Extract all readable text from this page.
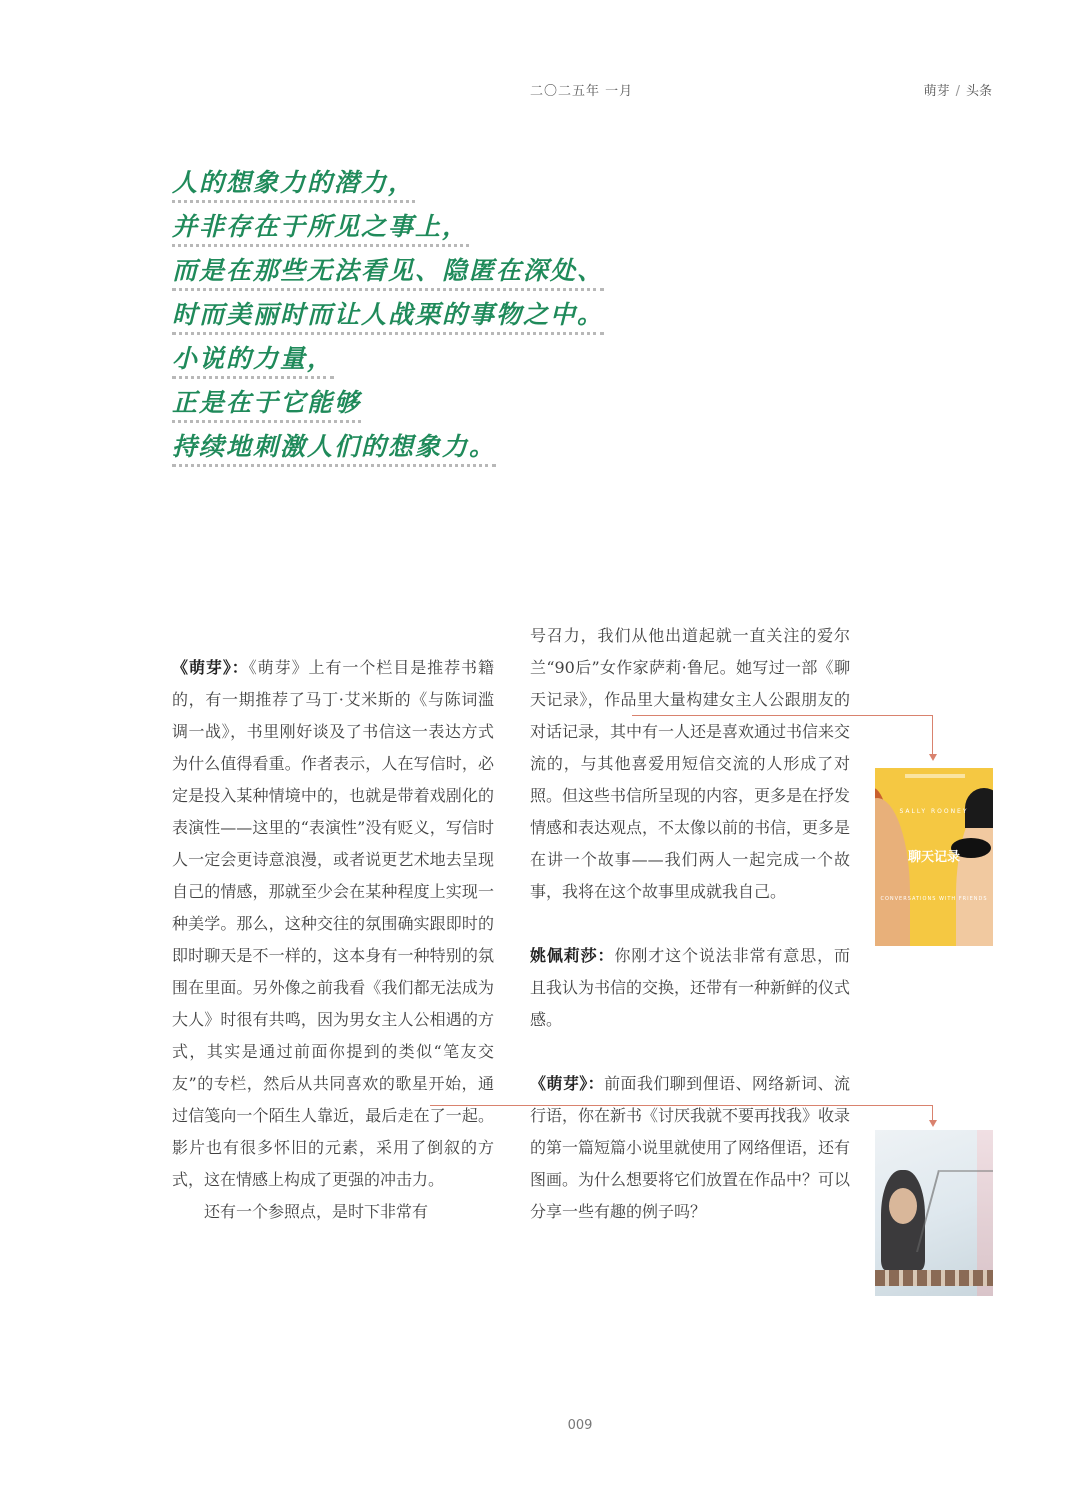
二〇二五年 一月	萌芽 / 头条
人的想象力的潜力，
并非存在于所见之事上，
而是在那些无法看见、隐匿在深处、
时而美丽时而让人战栗的事物之中。
小说的力量，
正是在于它能够
持续地刺激人们的想象力。

《萌芽》：《萌芽》上有一个栏目是推荐书籍的，有一期推荐了马丁·艾米斯的《与陈词滥调一战》，书里刚好谈及了书信这一表达方式为什么值得看重。作者表示，人在写信时，必定是投入某种情境中的，也就是带着戏剧化的表演性——这里的“表演性”没有贬义，写信时人一定会更诗意浪漫，或者说更艺术地去呈现自己的情感，那就至少会在某种程度上实现一种美学。那么，这种交往的氛围确实跟即时的即时聊天是不一样的，这本身有一种特别的氛围在里面。另外像之前我看《我们都无法成为大人》时很有共鸣，因为男女主人公相遇的方式，其实是通过前面你提到的类似“笔友交友”的专栏，然后从共同喜欢的歌星开始，通过信笺向一个陌生人靠近，最后走在了一起。影片也有很多怀旧的元素，采用了倒叙的方式，这在情感上构成了更强的冲击力。

还有一个参照点，是时下非常有

号召力，我们从他出道起就一直关注的爱尔兰“90后”女作家萨莉·鲁尼。她写过一部《聊天记录》，作品里大量构建女主人公跟朋友的对话记录，其中有一人还是喜欢通过书信来交流的，与其他喜爱用短信交流的人形成了对照。但这些书信所呈现的内容，更多是在抒发情感和表达观点，不太像以前的书信，更多是在讲一个故事——我们两人一起完成一个故事，我将在这个故事里成就我自己。

姚佩莉莎：你刚才这个说法非常有意思，而且我认为书信的交换，还带有一种新鲜的仪式感。

《萌芽》：前面我们聊到俚语、网络新词、流行语，你在新书《讨厌我就不要再找我》收录的第一篇短篇小说里就使用了网络俚语，还有图画。为什么想要将它们放置在作品中？可以分享一些有趣的例子吗？

SALLY ROONEY
聊天记录
CONVERSATIONS WITH FRIENDS
009
